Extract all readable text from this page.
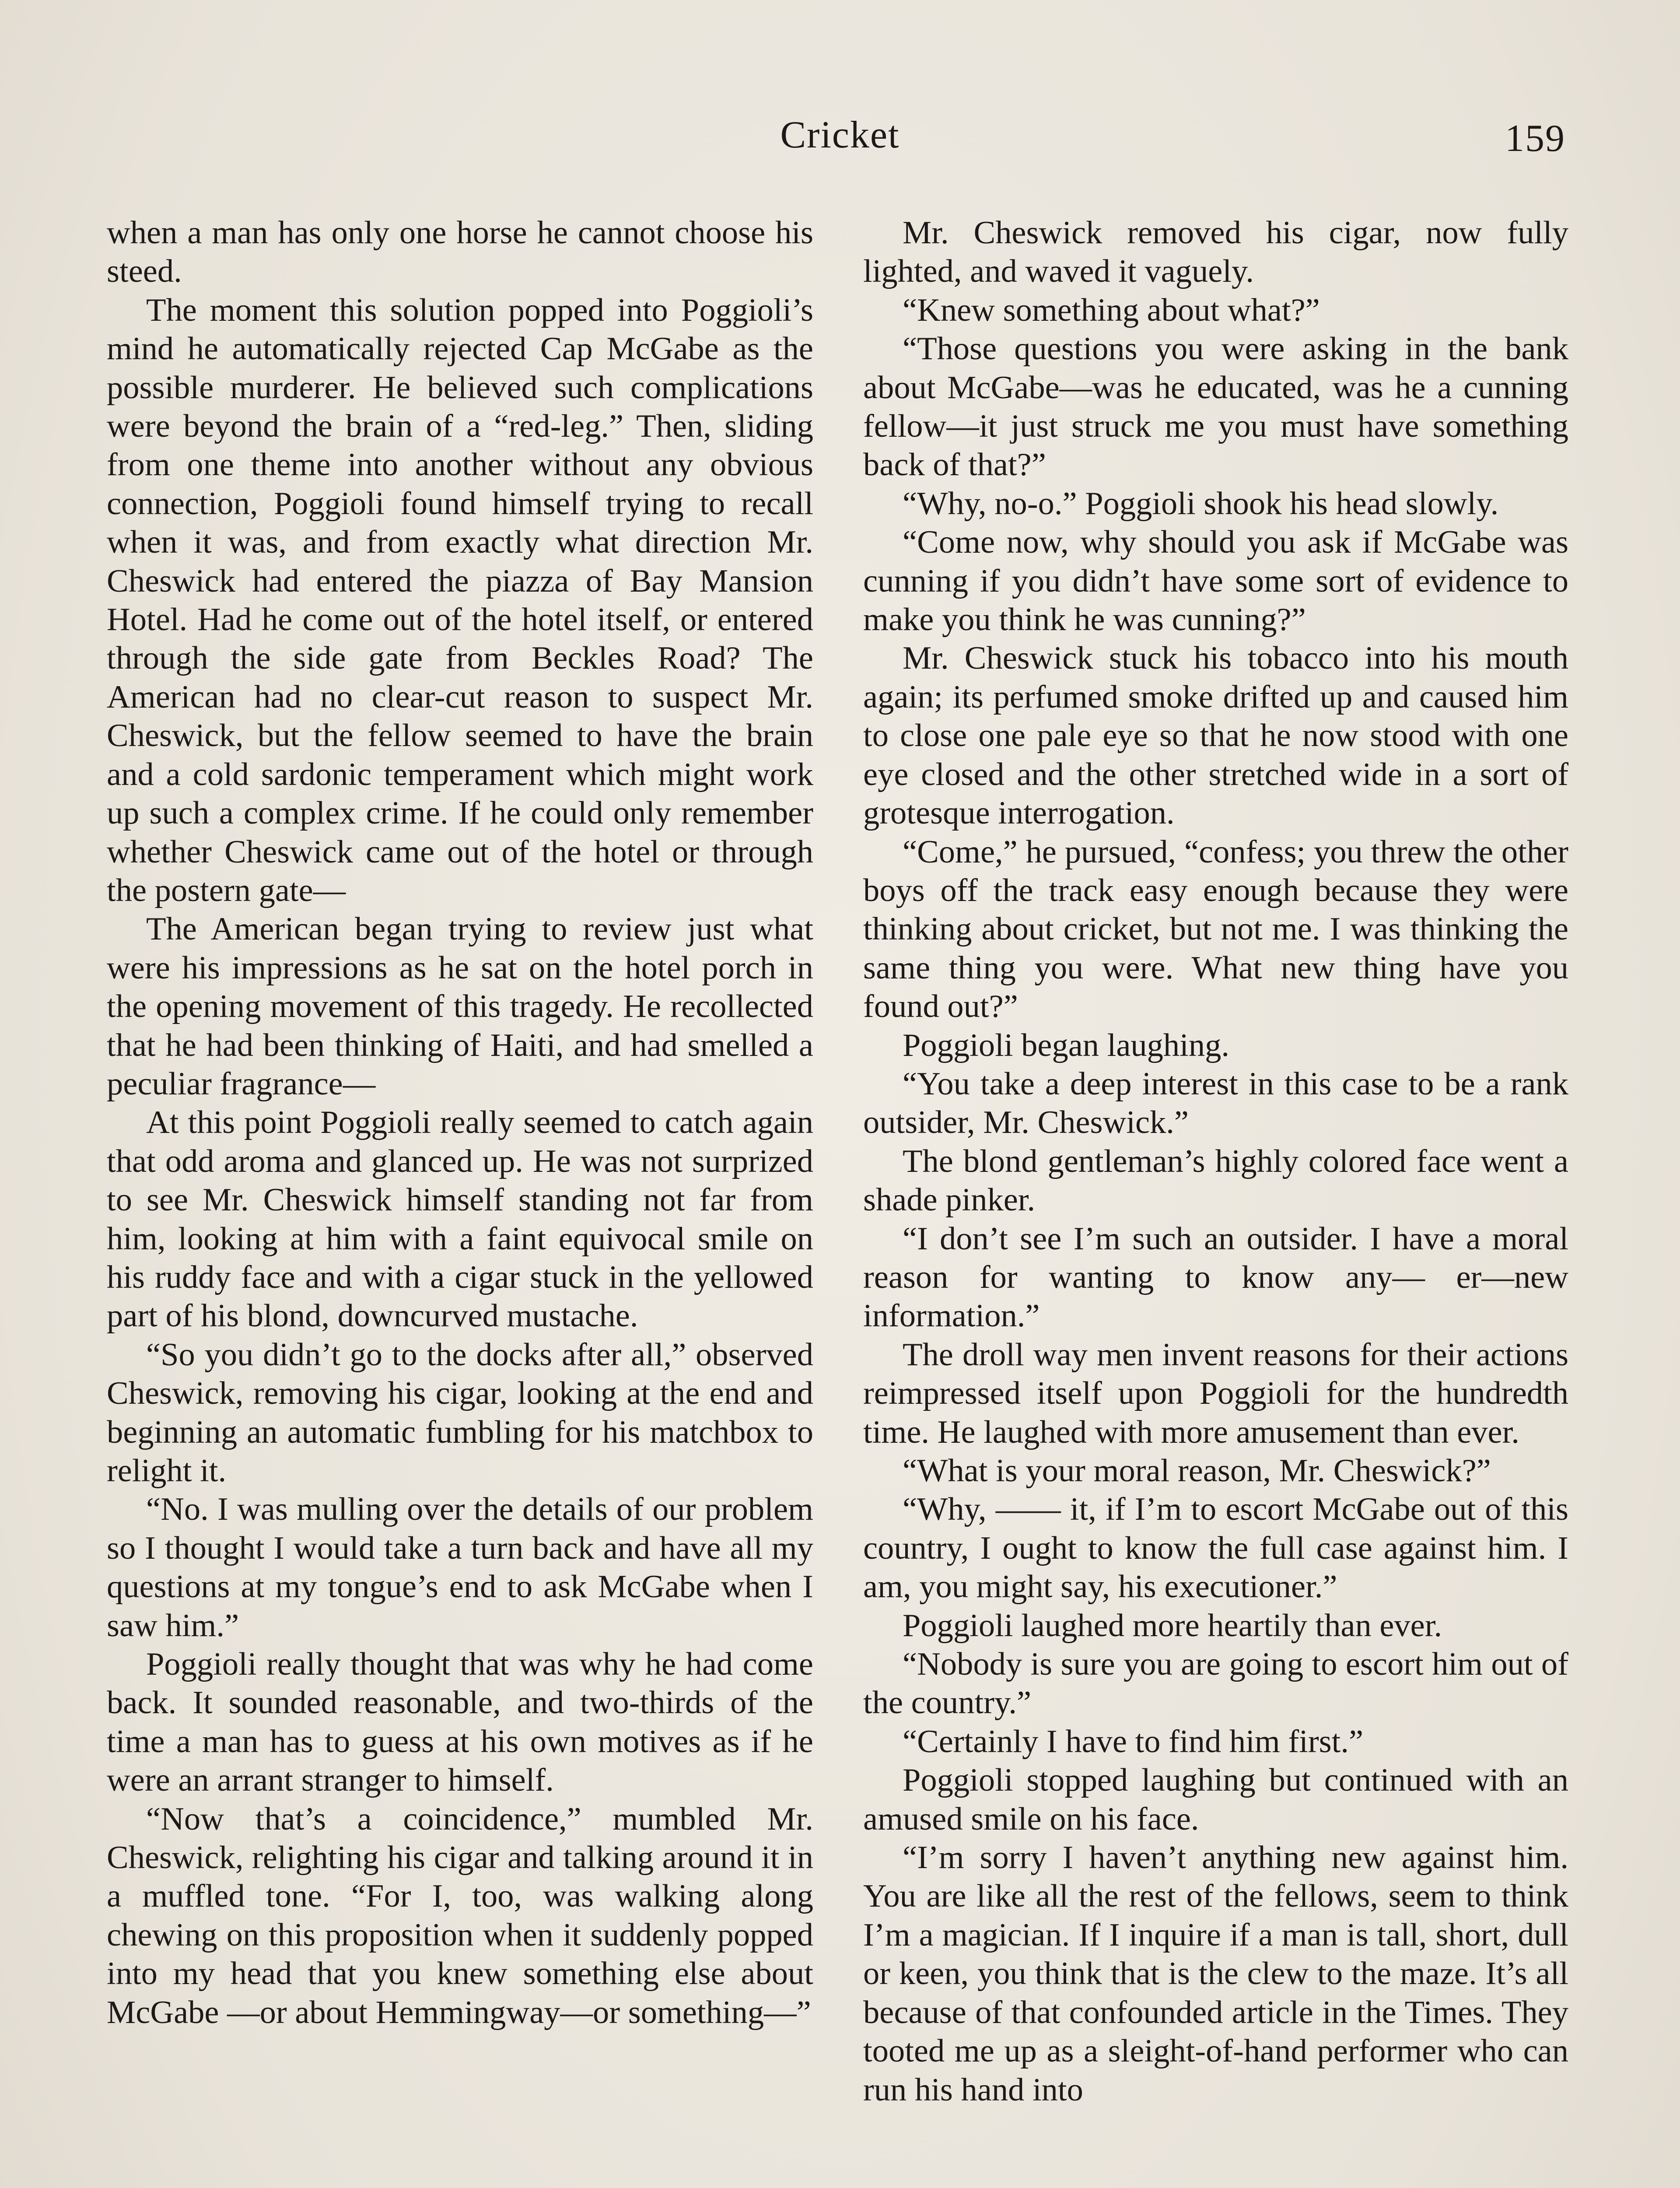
Cricket	159

when a man has only one horse he cannot choose his steed.

The moment this solution popped into Poggioli’s mind he automatically rejected Cap McGabe as the possible murderer. He believed such complications were beyond the brain of a “red-leg.” Then, sliding from one theme into another without any obvious connection, Poggioli found himself trying to recall when it was, and from exactly what direction Mr. Cheswick had entered the piazza of Bay Mansion Hotel. Had he come out of the hotel itself, or entered through the side gate from Beckles Road? The American had no clear-cut reason to suspect Mr. Cheswick, but the fellow seemed to have the brain and a cold sardonic temperament which might work up such a complex crime. If he could only remember whether Cheswick came out of the hotel or through the postern gate—

The American began trying to review just what were his impressions as he sat on the hotel porch in the opening movement of this tragedy. He recollected that he had been thinking of Haiti, and had smelled a peculiar fragrance—

At this point Poggioli really seemed to catch again that odd aroma and glanced up. He was not surprized to see Mr. Cheswick himself standing not far from him, looking at him with a faint equivocal smile on his ruddy face and with a cigar stuck in the yellowed part of his blond, downcurved mustache.

“So you didn’t go to the docks after all,” observed Cheswick, removing his cigar, looking at the end and beginning an automatic fumbling for his matchbox to relight it.

“No. I was mulling over the details of our problem so I thought I would take a turn back and have all my questions at my tongue’s end to ask McGabe when I saw him.”

Poggioli really thought that was why he had come back. It sounded reasonable, and two-thirds of the time a man has to guess at his own motives as if he were an arrant stranger to himself.

“Now that’s a coincidence,” mumbled Mr. Cheswick, relighting his cigar and talking around it in a muffled tone. “For I, too, was walking along chewing on this proposition when it suddenly popped into my head that you knew something else about McGabe —or about Hemmingway—or something—”

Mr. Cheswick removed his cigar, now fully lighted, and waved it vaguely.

“Knew something about what?”

“Those questions you were asking in the bank about McGabe—was he educated, was he a cunning fellow—it just struck me you must have something back of that?”

“Why, no-o.” Poggioli shook his head slowly.

“Come now, why should you ask if McGabe was cunning if you didn’t have some sort of evidence to make you think he was cunning?”

Mr. Cheswick stuck his tobacco into his mouth again; its perfumed smoke drifted up and caused him to close one pale eye so that he now stood with one eye closed and the other stretched wide in a sort of grotesque interrogation.

“Come,” he pursued, “confess; you threw the other boys off the track easy enough because they were thinking about cricket, but not me. I was thinking the same thing you were. What new thing have you found out?”

Poggioli began laughing.

“You take a deep interest in this case to be a rank outsider, Mr. Cheswick.”

The blond gentleman’s highly colored face went a shade pinker.

“I don’t see I’m such an outsider. I have a moral reason for wanting to know any— er—new information.”

The droll way men invent reasons for their actions reimpressed itself upon Poggioli for the hundredth time. He laughed with more amusement than ever.

“What is your moral reason, Mr. Cheswick?”

“Why, —— it, if I’m to escort McGabe out of this country, I ought to know the full case against him. I am, you might say, his executioner.”

Poggioli laughed more heartily than ever.

“Nobody is sure you are going to escort him out of the country.”

“Certainly I have to find him first.”

Poggioli stopped laughing but continued with an amused smile on his face.

“I’m sorry I haven’t anything new against him. You are like all the rest of the fellows, seem to think I’m a magician. If I inquire if a man is tall, short, dull or keen, you think that is the clew to the maze. It’s all because of that confounded article in the Times. They tooted me up as a sleight-of-hand performer who can run his hand into
